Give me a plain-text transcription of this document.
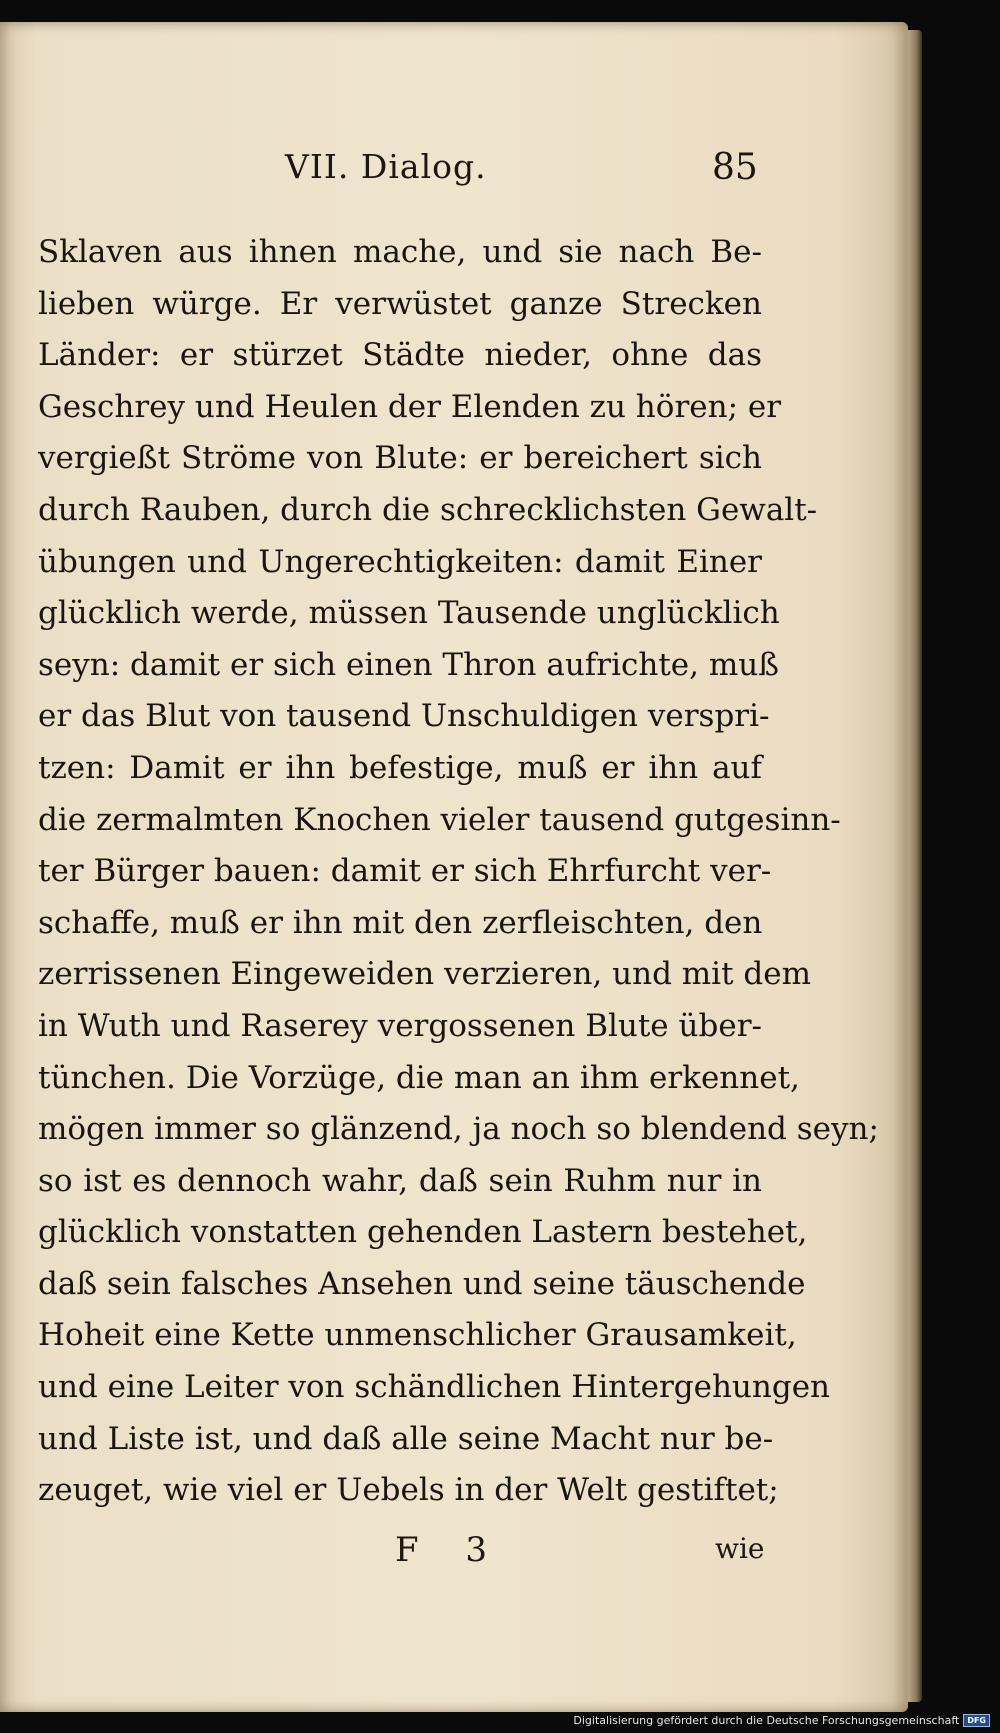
VII. Dialog.	85
Sklaven aus ihnen mache, und sie nach Be-
lieben würge. Er verwüstet ganze Strecken
Länder: er stürzet Städte nieder, ohne das
Geschrey und Heulen der Elenden zu hören; er
vergießt Ströme von Blute: er bereichert sich
durch Rauben, durch die schrecklichsten Gewalt-
übungen und Ungerechtigkeiten: damit Einer
glücklich werde, müssen Tausende unglücklich
seyn: damit er sich einen Thron aufrichte, muß
er das Blut von tausend Unschuldigen verspri-
tzen: Damit er ihn befestige, muß er ihn auf
die zermalmten Knochen vieler tausend gutgesinn-
ter Bürger bauen: damit er sich Ehrfurcht ver-
schaffe, muß er ihn mit den zerfleischten, den
zerrissenen Eingeweiden verzieren, und mit dem
in Wuth und Raserey vergossenen Blute über-
tünchen. Die Vorzüge, die man an ihm erkennet,
mögen immer so glänzend, ja noch so blendend seyn;
so ist es dennoch wahr, daß sein Ruhm nur in
glücklich vonstatten gehenden Lastern bestehet,
daß sein falsches Ansehen und seine täuschende
Hoheit eine Kette unmenschlicher Grausamkeit,
und eine Leiter von schändlichen Hintergehungen
und Liste ist, und daß alle seine Macht nur be-
zeuget, wie viel er Uebels in der Welt gestiftet;
F 3	wie
Digitalisierung gefördert durch die Deutsche Forschungsgemeinschaft	DFG
